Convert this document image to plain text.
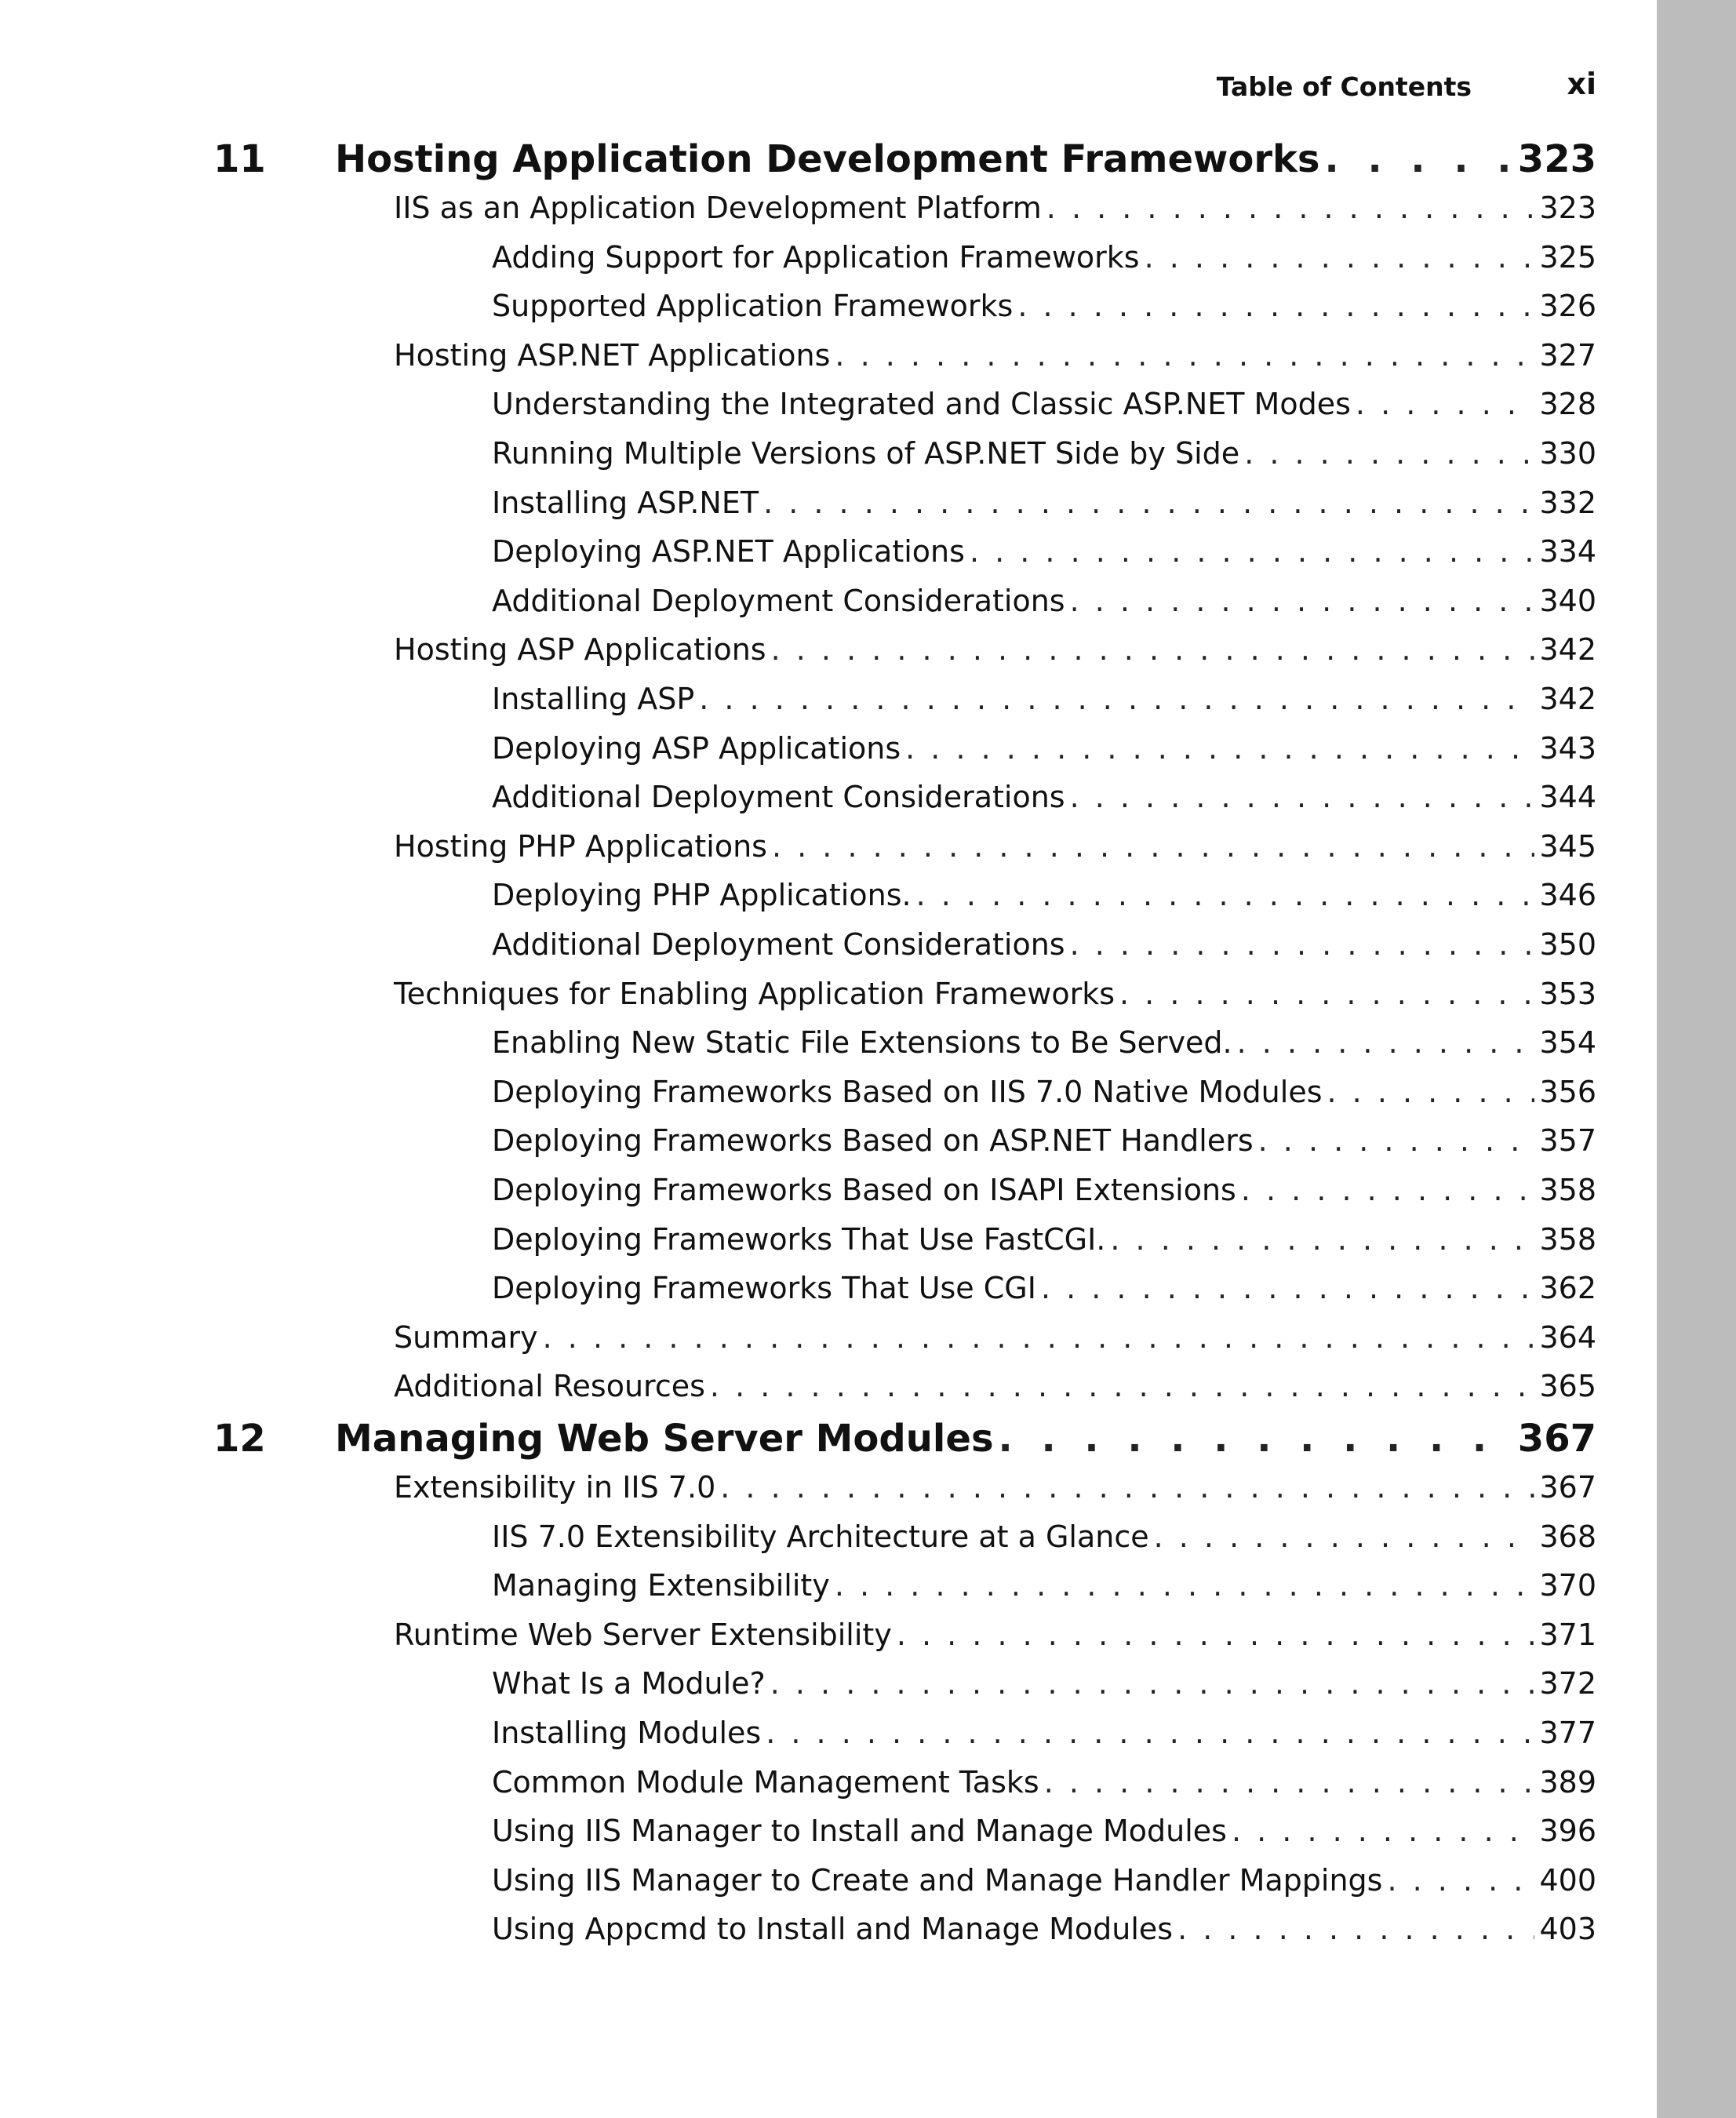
Table of Contents	xi
11 Hosting Application Development Frameworks . . .	323
IIS as an Application Development Platform . . .	323
Adding Support for Application Frameworks . . .	325
Supported Application Frameworks . . .	326
Hosting ASP.NET Applications . . .	327
Understanding the Integrated and Classic ASP.NET Modes . . .	328
Running Multiple Versions of ASP.NET Side by Side . . .	330
Installing ASP.NET . . .	332
Deploying ASP.NET Applications . . .	334
Additional Deployment Considerations . . .	340
Hosting ASP Applications . . .	342
Installing ASP . . .	342
Deploying ASP Applications . . .	343
Additional Deployment Considerations . . .	344
Hosting PHP Applications . . .	345
Deploying PHP Applications. . . .	346
Additional Deployment Considerations . . .	350
Techniques for Enabling Application Frameworks . . .	353
Enabling New Static File Extensions to Be Served. . . .	354
Deploying Frameworks Based on IIS 7.0 Native Modules . . .	356
Deploying Frameworks Based on ASP.NET Handlers . . .	357
Deploying Frameworks Based on ISAPI Extensions . . .	358
Deploying Frameworks That Use FastCGI. . . .	358
Deploying Frameworks That Use CGI . . .	362
Summary . . .	364
Additional Resources . . .	365
12 Managing Web Server Modules . . .	367
Extensibility in IIS 7.0 . . .	367
IIS 7.0 Extensibility Architecture at a Glance . . .	368
Managing Extensibility . . .	370
Runtime Web Server Extensibility . . .	371
What Is a Module? . . .	372
Installing Modules . . .	377
Common Module Management Tasks . . .	389
Using IIS Manager to Install and Manage Modules . . .	396
Using IIS Manager to Create and Manage Handler Mappings . . .	400
Using Appcmd to Install and Manage Modules . . .	403
